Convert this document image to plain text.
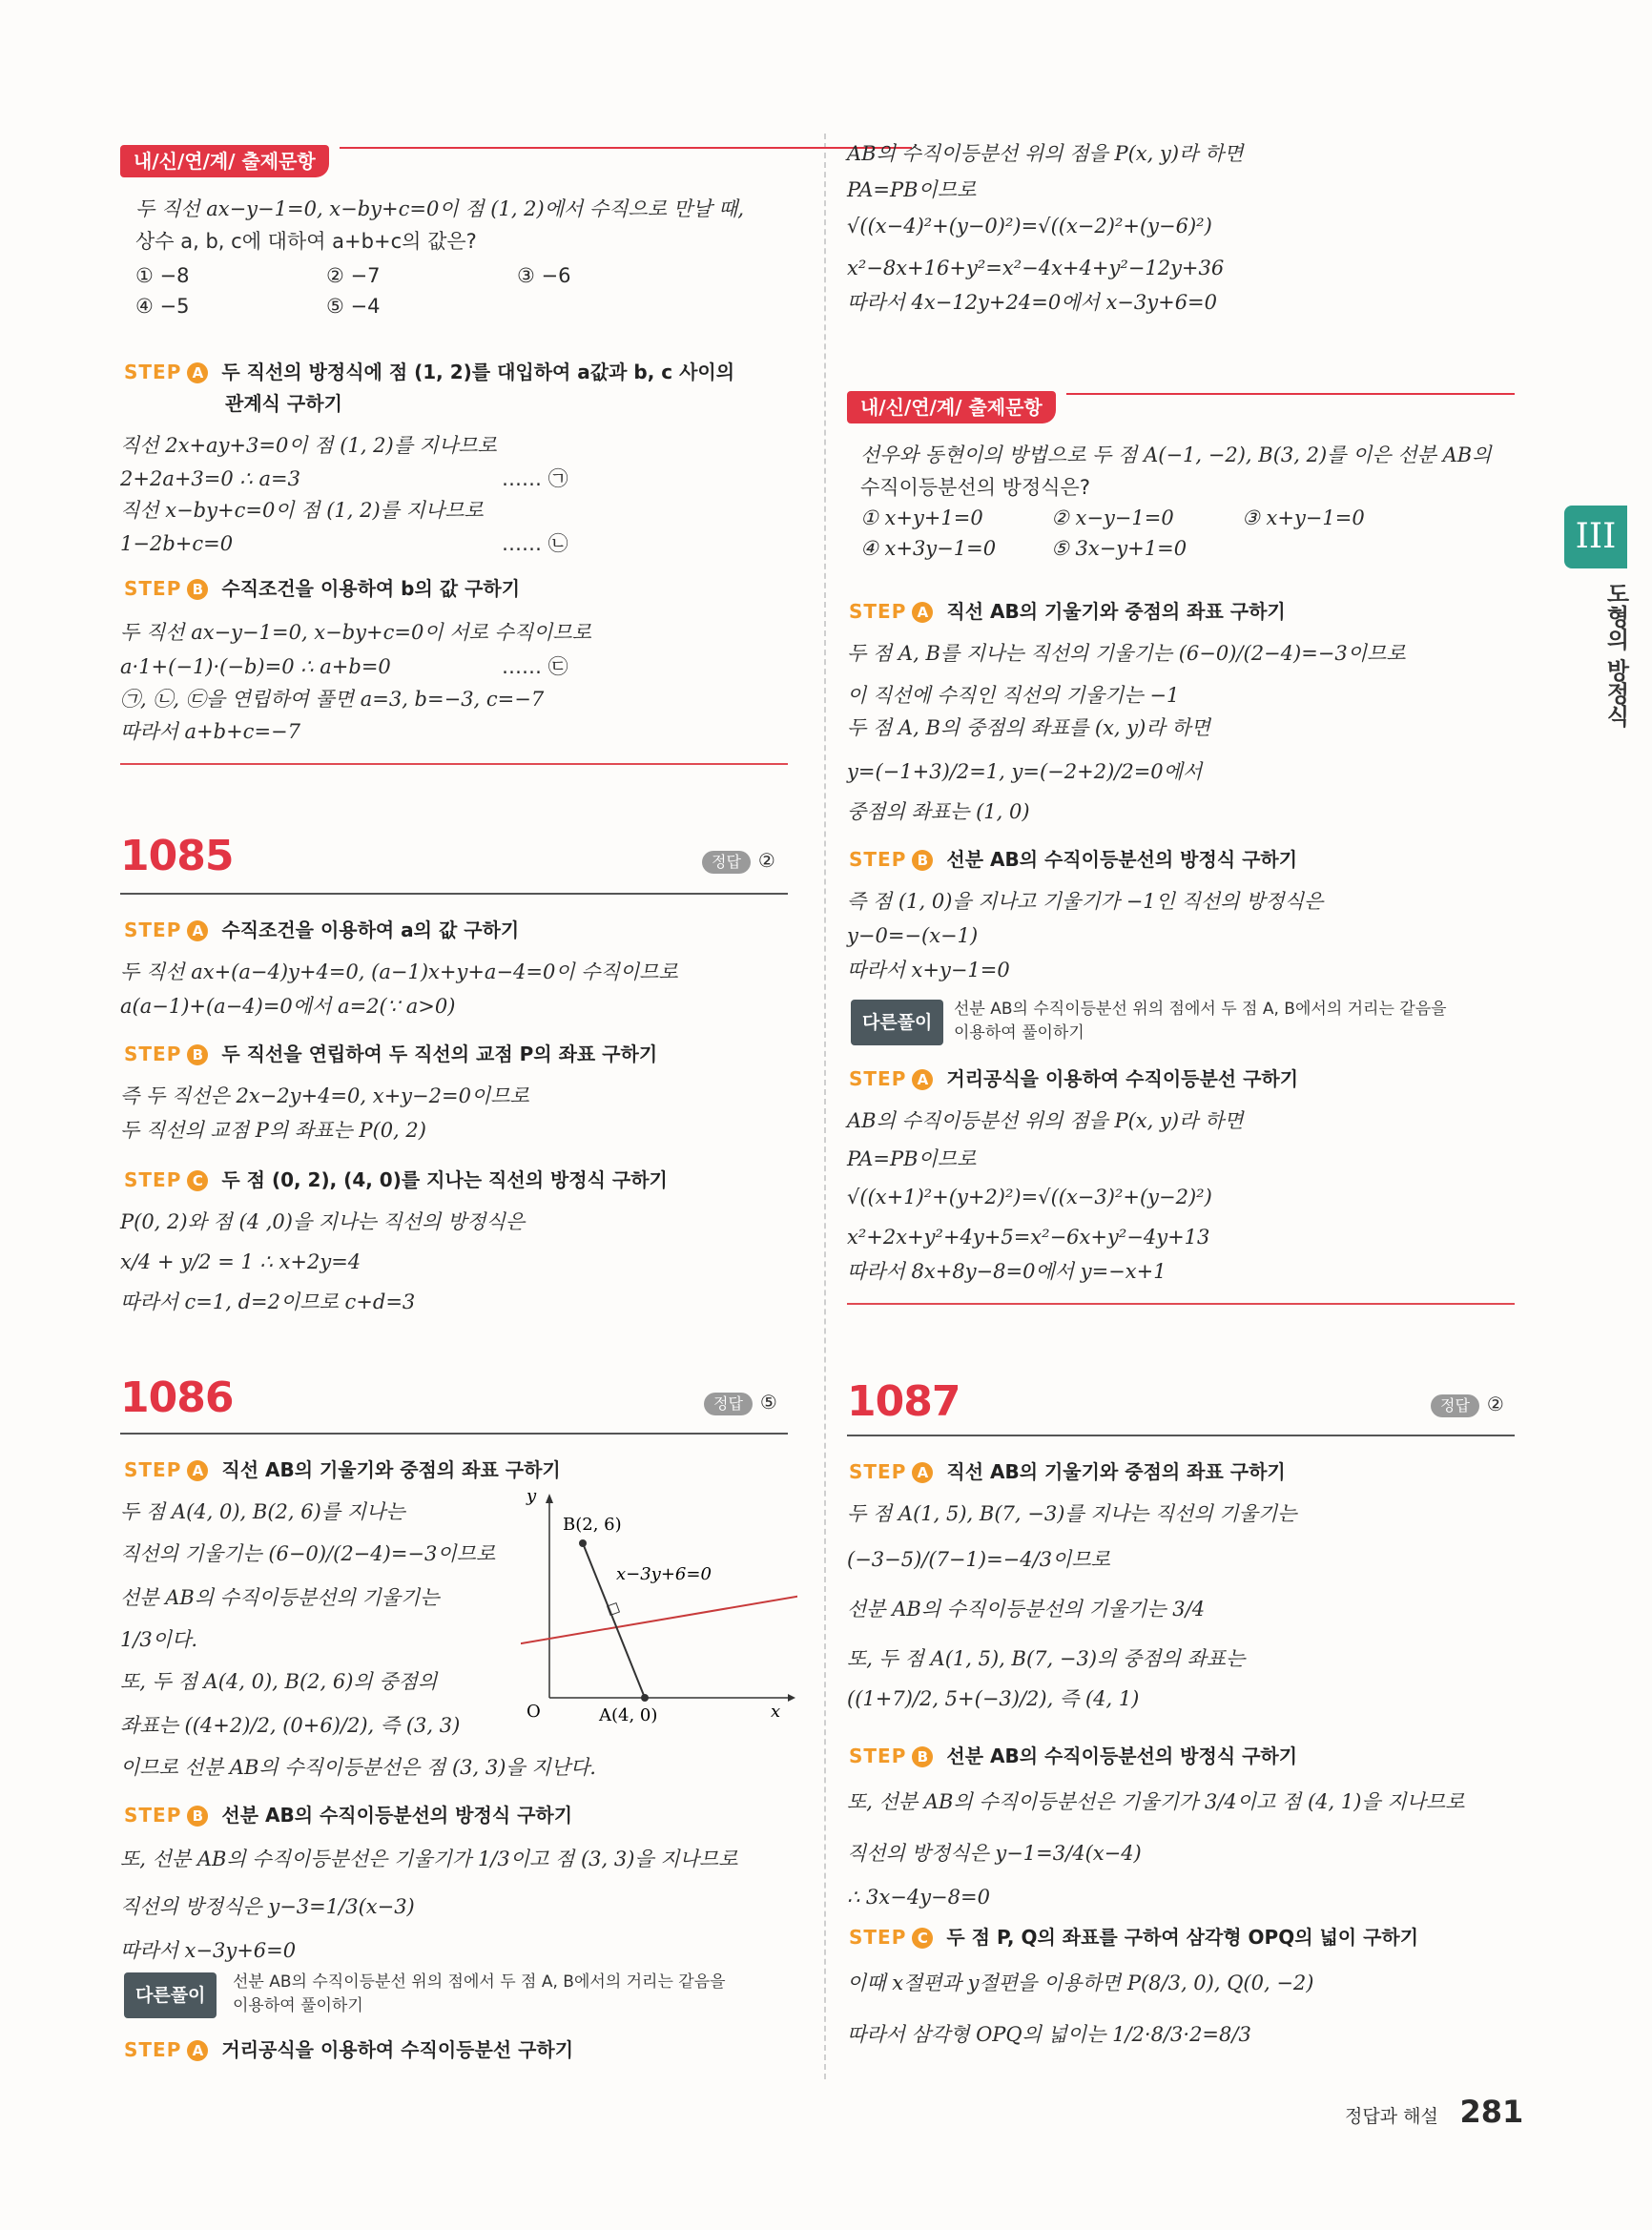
III
도형의 방정식
내/신/연/계/ 출제문항
두 직선 ax−y−1=0, x−by+c=0이 점 (1, 2)에서 수직으로 만날 때,
상수 a, b, c에 대하여 a+b+c의 값은?
① −8	② −7	③ −6
④ −5	⑤ −4
STEP A 두 직선의 방정식에 점 (1, 2)를 대입하여 a값과 b, c 사이의
관계식 구하기
직선 2x+ay+3=0이 점 (1, 2)를 지나므로
2+2a+3=0 ∴ a=3	…… ㉠
직선 x−by+c=0이 점 (1, 2)를 지나므로
1−2b+c=0	…… ㉡
STEP B 수직조건을 이용하여 b의 값 구하기
두 직선 ax−y−1=0, x−by+c=0이 서로 수직이므로
a·1+(−1)·(−b)=0 ∴ a+b=0	…… ㉢
㉠, ㉡, ㉢을 연립하여 풀면 a=3, b=−3, c=−7
따라서 a+b+c=−7
1085	정답 ②
STEP A 수직조건을 이용하여 a의 값 구하기
두 직선 ax+(a−4)y+4=0, (a−1)x+y+a−4=0이 수직이므로
a(a−1)+(a−4)=0에서 a=2(∵ a>0)
STEP B 두 직선을 연립하여 두 직선의 교점 P의 좌표 구하기
즉 두 직선은 2x−2y+4=0, x+y−2=0이므로
두 직선의 교점 P의 좌표는 P(0, 2)
STEP C 두 점 (0, 2), (4, 0)를 지나는 직선의 방정식 구하기
P(0, 2)와 점 (4 ,0)을 지나는 직선의 방정식은
x/4 + y/2 = 1 ∴ x+2y=4
따라서 c=1, d=2이므로 c+d=3
1086	정답 ⑤
STEP A 직선 AB의 기울기와 중점의 좌표 구하기
두 점 A(4, 0), B(2, 6)를 지나는
직선의 기울기는 (6−0)/(2−4)=−3이므로
선분 AB의 수직이등분선의 기울기는
1/3이다.
또, 두 점 A(4, 0), B(2, 6)의 중점의
좌표는 ((4+2)/2, (0+6)/2), 즉 (3, 3)
이므로 선분 AB의 수직이등분선은 점 (3, 3)을 지난다.
O	x
y
B(2, 6)
A(4, 0)
x−3y+6=0
STEP B 선분 AB의 수직이등분선의 방정식 구하기
또, 선분 AB의 수직이등분선은 기울기가 1/3이고 점 (3, 3)을 지나므로
직선의 방정식은 y−3=1/3(x−3)
따라서 x−3y+6=0
다른풀이
선분 AB의 수직이등분선 위의 점에서 두 점 A, B에서의 거리는 같음을
이용하여 풀이하기
STEP A 거리공식을 이용하여 수직이등분선 구하기
AB의 수직이등분선 위의 점을 P(x, y)라 하면
PA=PB이므로
√((x−4)²+(y−0)²)=√((x−2)²+(y−6)²)
x²−8x+16+y²=x²−4x+4+y²−12y+36
따라서 4x−12y+24=0에서 x−3y+6=0
내/신/연/계/ 출제문항
선우와 동현이의 방법으로 두 점 A(−1, −2), B(3, 2)를 이은 선분 AB의
수직이등분선의 방정식은?
① x+y+1=0	② x−y−1=0	③ x+y−1=0
④ x+3y−1=0	⑤ 3x−y+1=0
STEP A 직선 AB의 기울기와 중점의 좌표 구하기
두 점 A, B를 지나는 직선의 기울기는 (6−0)/(2−4)=−3이므로
이 직선에 수직인 직선의 기울기는 −1
두 점 A, B의 중점의 좌표를 (x, y)라 하면
y=(−1+3)/2=1, y=(−2+2)/2=0에서
중점의 좌표는 (1, 0)
STEP B 선분 AB의 수직이등분선의 방정식 구하기
즉 점 (1, 0)을 지나고 기울기가 −1인 직선의 방정식은
y−0=−(x−1)
따라서 x+y−1=0
다른풀이
선분 AB의 수직이등분선 위의 점에서 두 점 A, B에서의 거리는 같음을
이용하여 풀이하기
STEP A 거리공식을 이용하여 수직이등분선 구하기
AB의 수직이등분선 위의 점을 P(x, y)라 하면
PA=PB이므로
√((x+1)²+(y+2)²)=√((x−3)²+(y−2)²)
x²+2x+y²+4y+5=x²−6x+y²−4y+13
따라서 8x+8y−8=0에서 y=−x+1
1087	정답 ②
STEP A 직선 AB의 기울기와 중점의 좌표 구하기
두 점 A(1, 5), B(7, −3)를 지나는 직선의 기울기는
(−3−5)/(7−1)=−4/3이므로
선분 AB의 수직이등분선의 기울기는 3/4
또, 두 점 A(1, 5), B(7, −3)의 중점의 좌표는
((1+7)/2, 5+(−3)/2), 즉 (4, 1)
STEP B 선분 AB의 수직이등분선의 방정식 구하기
또, 선분 AB의 수직이등분선은 기울기가 3/4이고 점 (4, 1)을 지나므로
직선의 방정식은 y−1=3/4(x−4)
∴ 3x−4y−8=0
STEP C 두 점 P, Q의 좌표를 구하여 삼각형 OPQ의 넓이 구하기
이때 x절편과 y절편을 이용하면 P(8/3, 0), Q(0, −2)
따라서 삼각형 OPQ의 넓이는 1/2·8/3·2=8/3
정답과 해설 281
